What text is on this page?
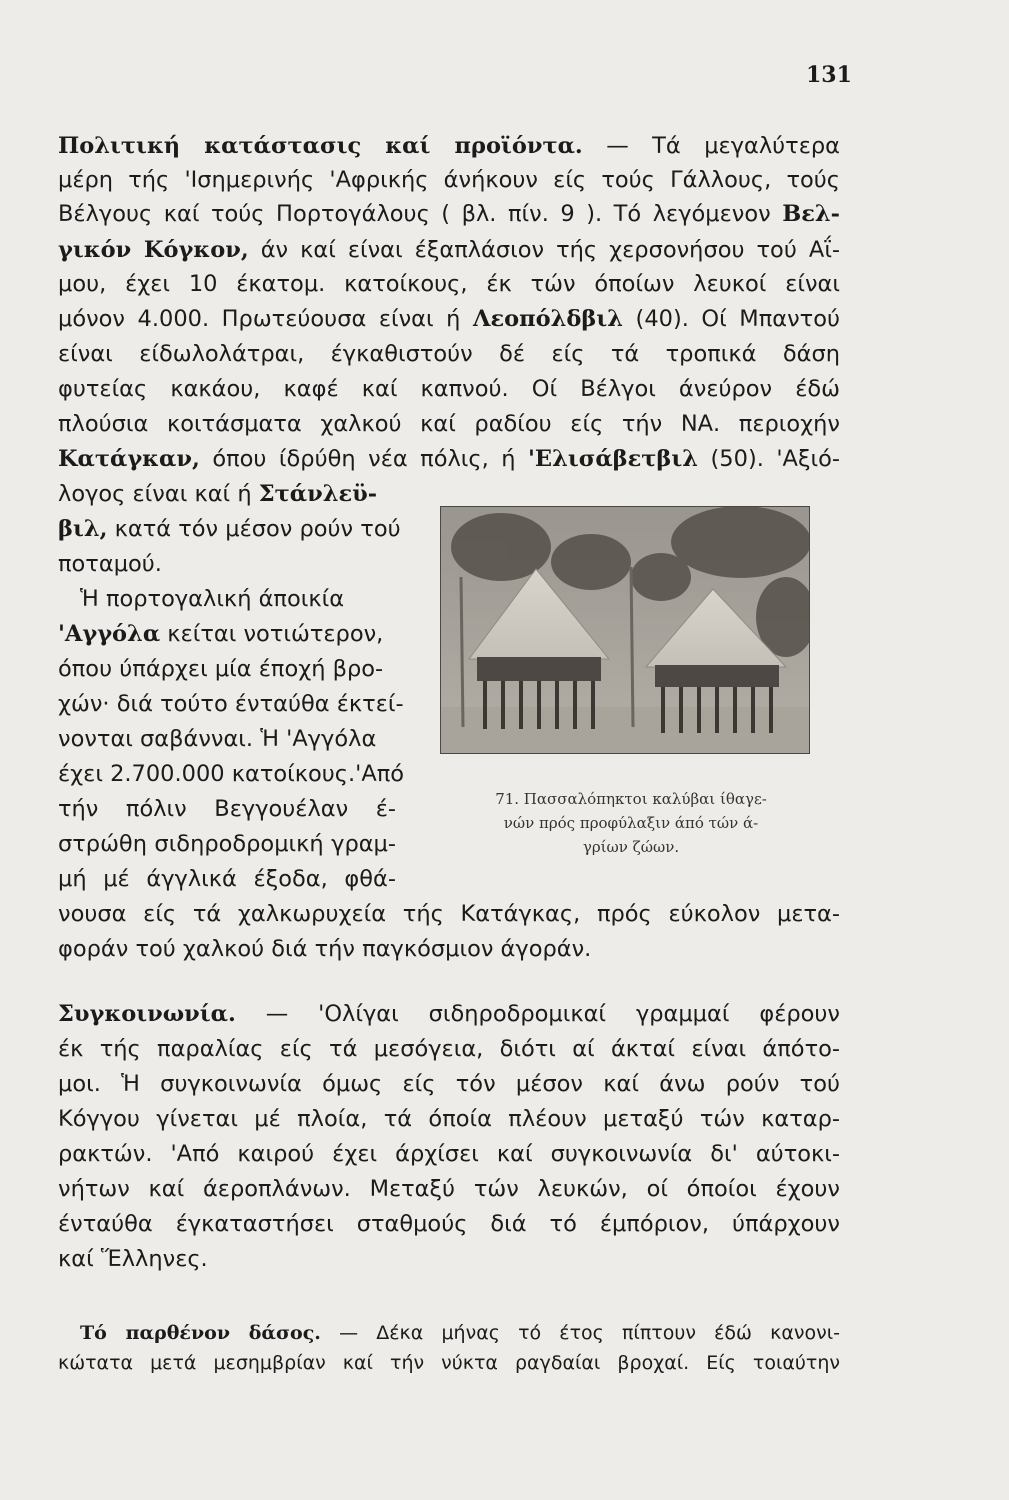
131
Πολιτική κατάστασις καί προϊόντα. — Τά μεγαλύτερα
μέρη τής 'Ισημερινής 'Αφρικής άνήκουν είς τούς Γάλλους, τούς
Βέλγους καί τούς Πορτογάλους ( βλ. πίν. 9 ). Τό λεγόμενον Βελ-
γικόν Κόγκον, άν καί είναι έξαπλάσιον τής χερσονήσου τού Αΐ-
μου, έχει 10 έκατομ. κατοίκους, έκ τών όποίων λευκοί είναι
μόνον 4.000. Πρωτεύουσα είναι ή Λεοπόλδβιλ (40). Οί Μπαντού
είναι είδωλολάτραι, έγκαθιστούν δέ είς τά τροπικά δάση
φυτείας κακάου, καφέ καί καπνού. Οί Βέλγοι άνεύρον έδώ
πλούσια κοιτάσματα χαλκού καί ραδίου είς τήν ΝΑ. περιοχήν
Κατάγκαν, όπου ίδρύθη νέα πόλις, ή 'Ελισάβετβιλ (50). 'Αξιό-
λογος είναι καί ή Στάνλεϋ-
βιλ, κατά τόν μέσον ρούν τού
ποταμού.
Ἡ πορτογαλική άποικία
'Αγγόλα κείται νοτιώτερον,
όπου ύπάρχει μία έποχή βρο-
χών· διά τούτο ένταύθα έκτεί-
νονται σαβάνναι. Ἡ 'Αγγόλα
έχει 2.700.000 κατοίκους.'Από
τήν πόλιν Βεγγουέλαν έ-
στρώθη σιδηροδρομική γραμ-
μή μέ άγγλικά έξοδα, φθά-
νουσα είς τά χαλκωρυχεία τής Κατάγκας, πρός εύκολον μετα-
φοράν τού χαλκού διά τήν παγκόσμιον άγοράν.
71. Πασσαλόπηκτοι καλύβαι ίθαγε-
νών πρός προφύλαξιν άπό τών ά-
γρίων ζώων.
Συγκοινωνία. — 'Ολίγαι σιδηροδρομικαί γραμμαί φέρουν
έκ τής παραλίας είς τά μεσόγεια, διότι αί άκταί είναι άπότο-
μοι. Ἡ συγκοινωνία όμως είς τόν μέσον καί άνω ρούν τού
Κόγγου γίνεται μέ πλοία, τά όποία πλέουν μεταξύ τών καταρ-
ρακτών. 'Από καιρού έχει άρχίσει καί συγκοινωνία δι' αύτοκι-
νήτων καί άεροπλάνων. Μεταξύ τών λευκών, οί όποίοι έχουν
ένταύθα έγκαταστήσει σταθμούς διά τό έμπόριον, ύπάρχουν
καί Ἕλληνες.
Τό παρθένον δάσος. — Δέκα μήνας τό έτος πίπτουν έδώ κανονι-
κώτατα μετά μεσημβρίαν καί τήν νύκτα ραγδαίαι βροχαί. Είς τοιαύτην
